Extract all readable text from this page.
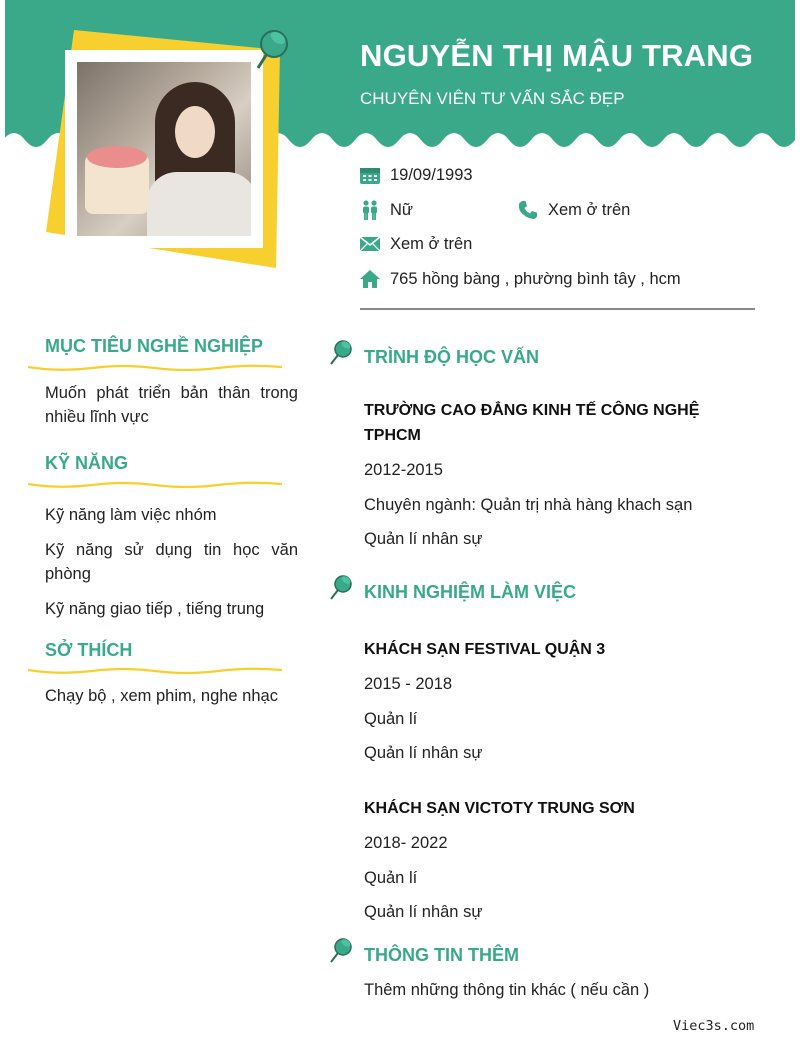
NGUYỄN THỊ MẬU TRANG
CHUYÊN VIÊN TƯ VẤN SẮC ĐẸP
19/09/1993
Nữ	Xem ở trên
Xem ở trên
765 hồng bàng , phường bình tây , hcm
MỤC TIÊU NGHỀ NGHIỆP
Muốn phát triển bản thân trong nhiều lĩnh vực
KỸ NĂNG
Kỹ năng làm việc nhóm
Kỹ năng sử dụng tin học văn phòng
Kỹ năng giao tiếp , tiếng trung
SỞ THÍCH
Chạy bộ , xem phim, nghe nhạc
TRÌNH ĐỘ HỌC VẤN
TRƯỜNG CAO ĐẲNG KINH TẾ CÔNG NGHỆ TPHCM
2012-2015
Chuyên ngành: Quản trị nhà hàng khach sạn
Quản lí nhân sự
KINH NGHIỆM LÀM VIỆC
KHÁCH SẠN FESTIVAL QUẬN 3
2015 - 2018
Quản lí
Quản lí nhân sự
KHÁCH SẠN VICTOTY TRUNG SƠN
2018- 2022
Quản lí
Quản lí nhân sự
THÔNG TIN THÊM
Thêm những thông tin khác ( nếu cần )
Viec3s.com
